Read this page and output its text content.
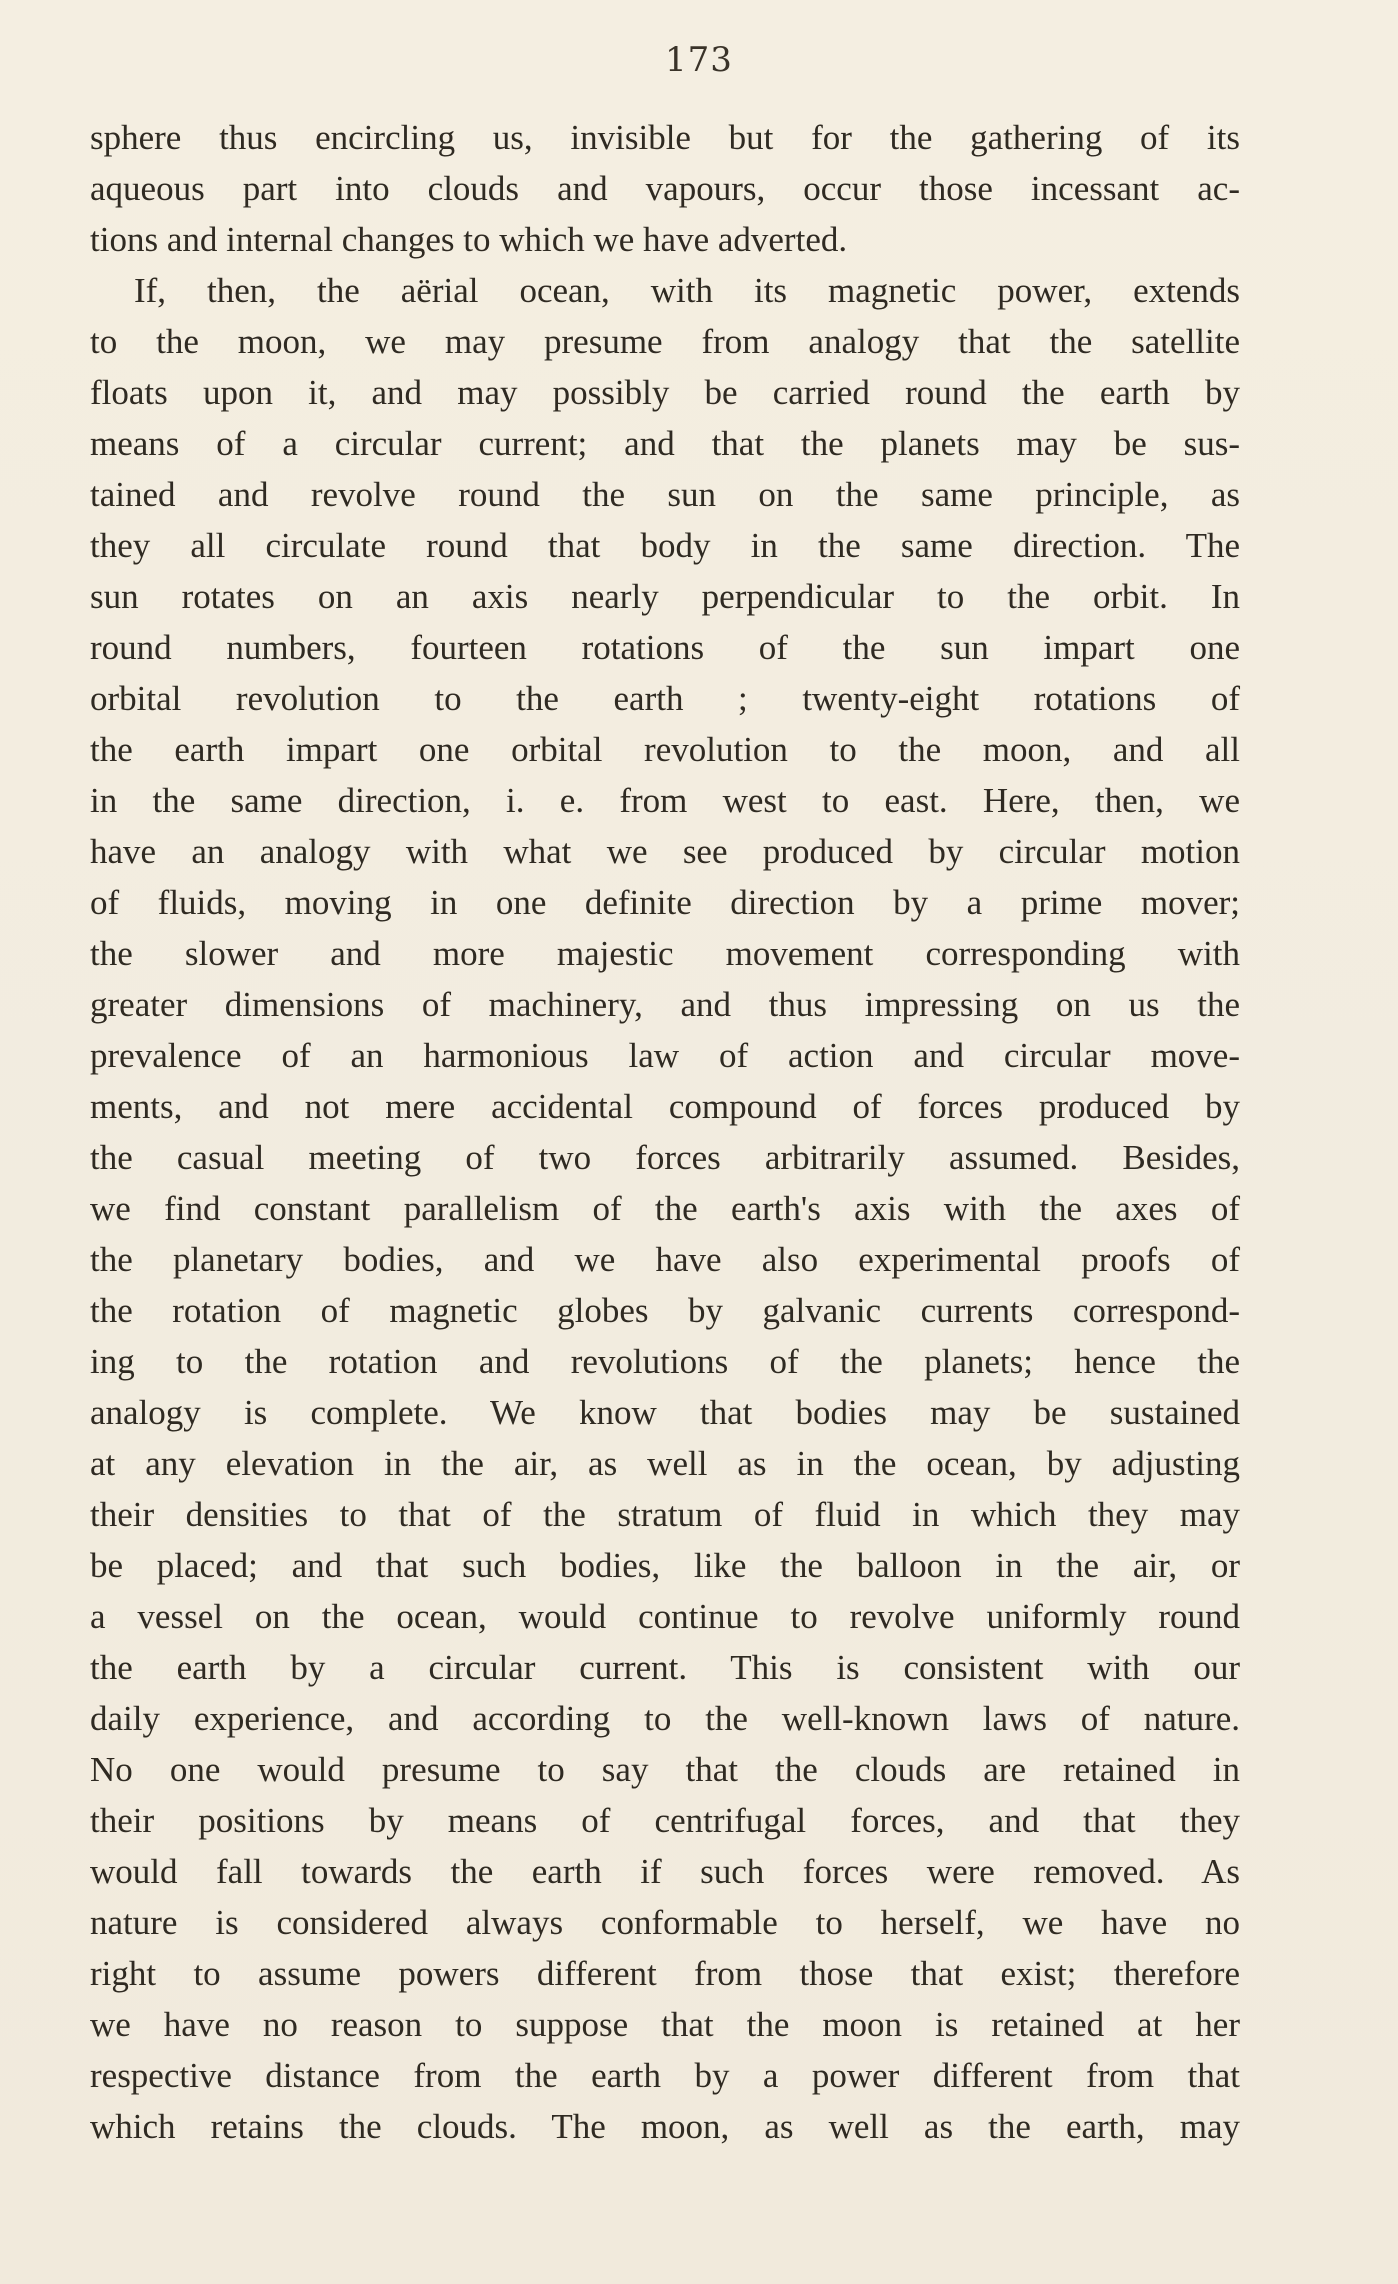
173
sphere thus encircling us, invisible but for the gathering of its
aqueous part into clouds and vapours, occur those incessant ac-
tions and internal changes to which we have adverted.
If, then, the aërial ocean, with its magnetic power, extends
to the moon, we may presume from analogy that the satellite
floats upon it, and may possibly be carried round the earth by
means of a circular current; and that the planets may be sus-
tained and revolve round the sun on the same principle, as
they all circulate round that body in the same direction. The
sun rotates on an axis nearly perpendicular to the orbit. In
round numbers, fourteen rotations of the sun impart one
orbital revolution to the earth ; twenty-eight rotations of
the earth impart one orbital revolution to the moon, and all
in the same direction, i. e. from west to east. Here, then, we
have an analogy with what we see produced by circular motion
of fluids, moving in one definite direction by a prime mover;
the slower and more majestic movement corresponding with
greater dimensions of machinery, and thus impressing on us the
prevalence of an harmonious law of action and circular move-
ments, and not mere accidental compound of forces produced by
the casual meeting of two forces arbitrarily assumed. Besides,
we find constant parallelism of the earth's axis with the axes of
the planetary bodies, and we have also experimental proofs of
the rotation of magnetic globes by galvanic currents correspond-
ing to the rotation and revolutions of the planets; hence the
analogy is complete. We know that bodies may be sustained
at any elevation in the air, as well as in the ocean, by adjusting
their densities to that of the stratum of fluid in which they may
be placed; and that such bodies, like the balloon in the air, or
a vessel on the ocean, would continue to revolve uniformly round
the earth by a circular current. This is consistent with our
daily experience, and according to the well-known laws of nature.
No one would presume to say that the clouds are retained in
their positions by means of centrifugal forces, and that they
would fall towards the earth if such forces were removed. As
nature is considered always conformable to herself, we have no
right to assume powers different from those that exist; therefore
we have no reason to suppose that the moon is retained at her
respective distance from the earth by a power different from that
which retains the clouds. The moon, as well as the earth, may
